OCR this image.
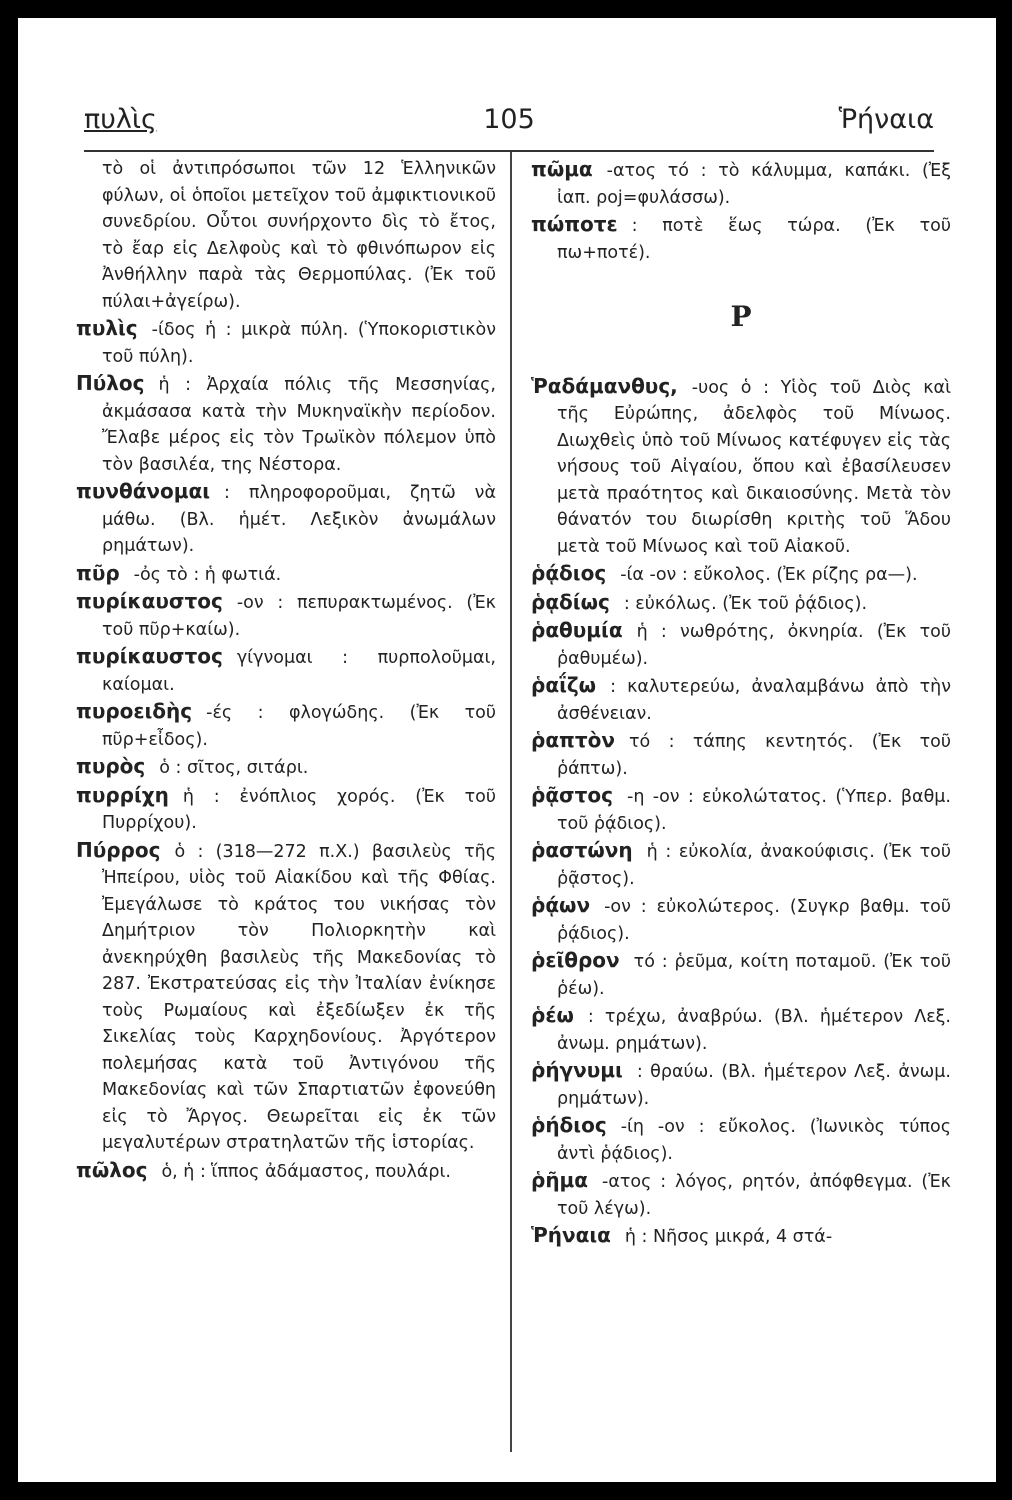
πυλὶς	105	Ῥήναια

τὸ οἱ ἀντιπρόσωποι τῶν 12 Ἑλληνικῶν φύλων, οἱ ὁποῖοι μετεῖχον τοῦ ἀμφικτιονικοῦ συνεδρίου. Οὗτοι συνήρχοντο δὶς τὸ ἔτος, τὸ ἔαρ εἰς Δελφοὺς καὶ τὸ φθινόπωρον εἰς Ἀνθήλλην παρὰ τὰς Θερμοπύλας. (Ἐκ τοῦ πύλαι+ἀγείρω).

πυλὶς -ίδος ἡ : μικρὰ πύλη. (Ὑποκοριστικὸν τοῦ πύλη).

Πύλος ἡ : Ἀρχαία πόλις τῆς Μεσσηνίας, ἀκμάσασα κατὰ τὴν Μυκηναϊκὴν περίοδον. Ἔλαβε μέρος εἰς τὸν Τρωϊκὸν πόλεμον ὑπὸ τὸν βασιλέα, της Νέστορα.

πυνθάνομαι : πληροφοροῦμαι, ζητῶ νὰ μάθω. (Βλ. ἡμέτ. Λεξικὸν ἀνωμάλων ρημάτων).

πῦρ -ὀς τὸ : ἡ φωτιά.

πυρίκαυστος -ον : πεπυρακτωμένος. (Ἐκ τοῦ πῦρ+καίω).

πυρίκαυστος γίγνομαι : πυρπολοῦμαι, καίομαι.

πυροειδὴς -ές : φλογώδης. (Ἐκ τοῦ πῦρ+εἶδος).

πυρὸς ὁ : σῖτος, σιτάρι.

πυρρίχη ἡ : ἐνόπλιος χορός. (Ἐκ τοῦ Πυρρίχου).

Πύρρος ὁ : (318—272 π.Χ.) βασιλεὺς τῆς Ἠπείρου, υἱὸς τοῦ Αἰακίδου καὶ τῆς Φθίας. Ἐμεγάλωσε τὸ κράτος του νικήσας τὸν Δημήτριον τὸν Πολιορκητὴν καὶ ἀνεκηρύχθη βασιλεὺς τῆς Μακεδονίας τὸ 287. Ἐκστρατεύσας εἰς τὴν Ἰταλίαν ἐνίκησε τοὺς Ρωμαίους καὶ ἐξεδίωξεν ἐκ τῆς Σικελίας τοὺς Καρχηδονίους. Ἀργότερον πολεμήσας κατὰ τοῦ Ἀντιγόνου τῆς Μακεδονίας καὶ τῶν Σπαρτιατῶν ἐφονεύθη εἰς τὸ Ἄργος. Θεωρεῖται εἰς ἐκ τῶν μεγαλυτέρων στρατηλατῶν τῆς ἱστορίας.

πῶλος ὁ, ἡ : ἵππος ἀδάμαστος, πουλάρι.

πῶμα -ατος τό : τὸ κάλυμμα, καπάκι. (Ἐξ ἰαπ. ροj=φυλάσσω).

πώποτε : ποτὲ ἕως τώρα. (Ἐκ τοῦ πω+ποτέ).

Ρ

Ῥαδάμανθυς, -υος ὁ : Υἱὸς τοῦ Διὸς καὶ τῆς Εὐρώπης, ἀδελφὸς τοῦ Μίνωος. Διωχθεὶς ὑπὸ τοῦ Μίνωος κατέφυγεν εἰς τὰς νήσους τοῦ Αἰγαίου, ὅπου καὶ ἐβασίλευσεν μετὰ πραότητος καὶ δικαιοσύνης. Μετὰ τὸν θάνατόν του διωρίσθη κριτὴς τοῦ Ἅδου μετὰ τοῦ Μίνωος καὶ τοῦ Αἰακοῦ.

ῥᾴδιος -ία -ον : εὔκολος. (Ἐκ ρίζης ρα—).

ῥᾳδίως : εὐκόλως. (Ἐκ τοῦ ῥᾴδιος).

ῥαθυμία ἡ : νωθρότης, ὀκνηρία. (Ἐκ τοῦ ῥαθυμέω).

ῥαΐζω : καλυτερεύω, ἀναλαμβάνω ἀπὸ τὴν ἀσθένειαν.

ῥαπτὸν τό : τάπης κεντητός. (Ἐκ τοῦ ῥάπτω).

ῥᾷστος -η -ον : εὐκολώτατος. (Ὑπερ. βαθμ. τοῦ ῥᾴδιος).

ῥαστώνη ἡ : εὐκολία, ἀνακούφισις. (Ἐκ τοῦ ῥᾷστος).

ῥᾴων -ον : εὐκολώτερος. (Συγκρ βαθμ. τοῦ ῥᾴδιος).

ῥεῖθρον τό : ῥεῦμα, κοίτη ποταμοῦ. (Ἐκ τοῦ ῥέω).

ῥέω : τρέχω, ἀναβρύω. (Βλ. ἡμέτερον Λεξ. ἀνωμ. ρημάτων).

ῥήγνυμι : θραύω. (Βλ. ἡμέτερον Λεξ. ἀνωμ. ρημάτων).

ῥήδιος -ίη -ον : εὔκολος. (Ἰωνικὸς τύπος ἀντὶ ῥᾴδιος).

ῥῆμα -ατος : λόγος, ρητόν, ἀπόφθεγμα. (Ἐκ τοῦ λέγω).

Ῥήναια ἡ : Νῆσος μικρά, 4 στά-
